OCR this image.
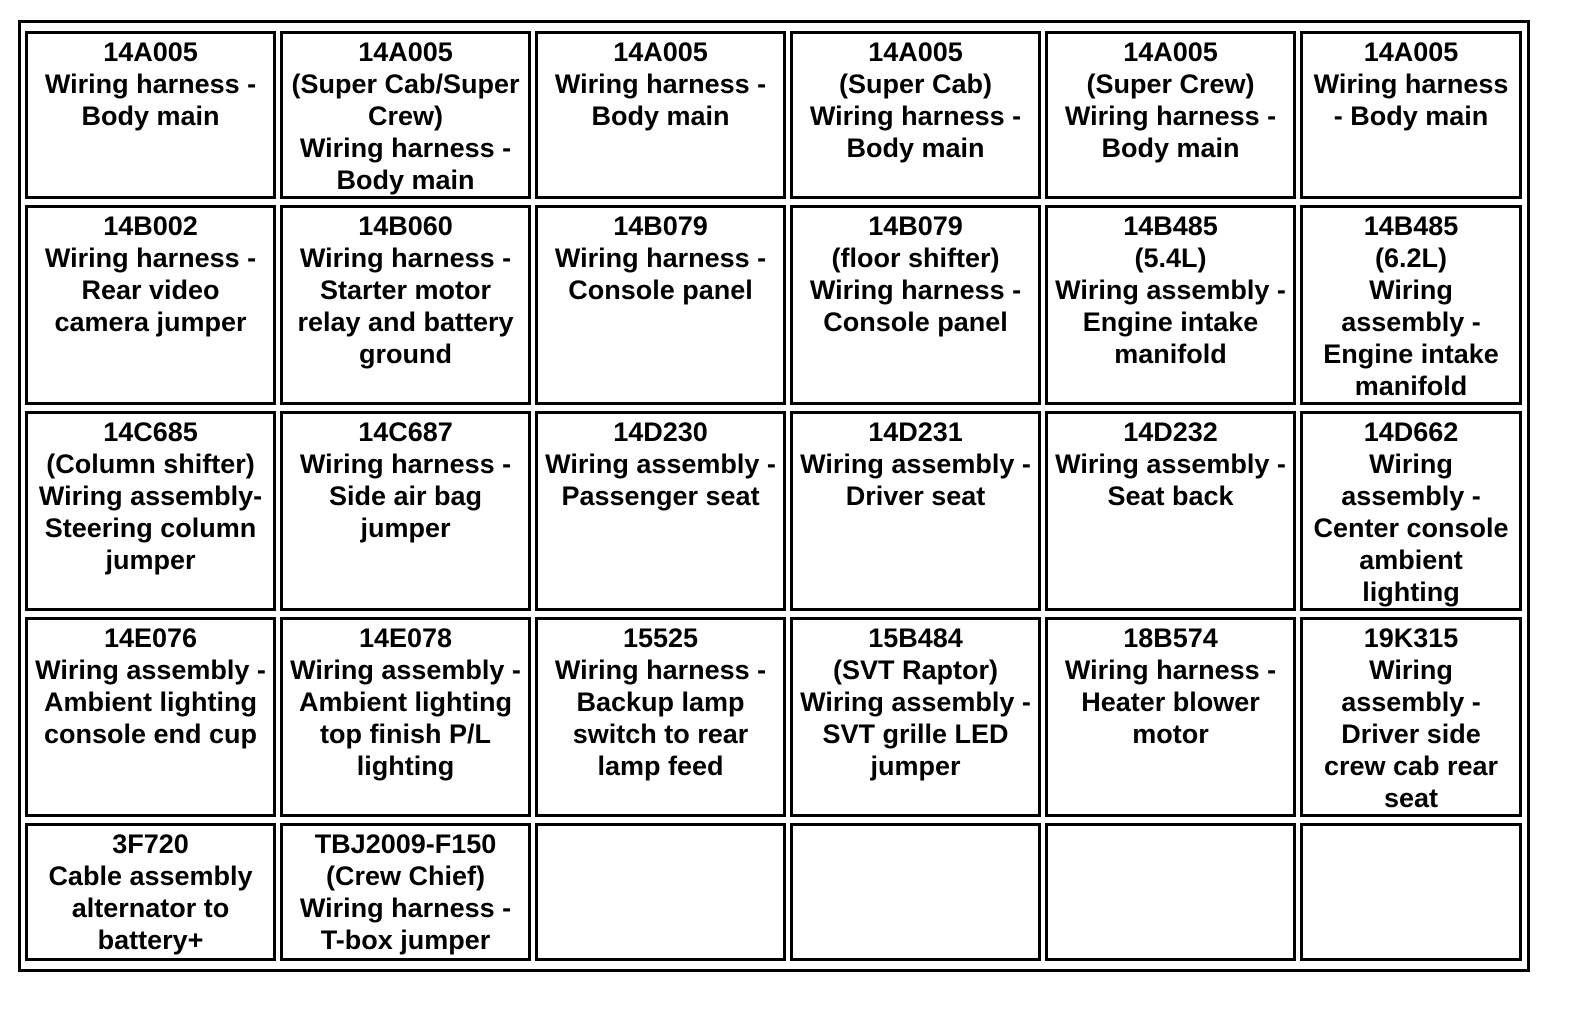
14A005
Wiring harness -
Body main
14A005
(Super Cab/Super
Crew)
Wiring harness -
Body main
14A005
Wiring harness -
Body main
14A005
(Super Cab)
Wiring harness -
Body main
14A005
(Super Crew)
Wiring harness -
Body main
14A005
Wiring harness
- Body main
14B002
Wiring harness -
Rear video
camera jumper
14B060
Wiring harness -
Starter motor
relay and battery
ground
14B079
Wiring harness -
Console panel
14B079
(floor shifter)
Wiring harness -
Console panel
14B485
(5.4L)
Wiring assembly -
Engine intake
manifold
14B485
(6.2L)
Wiring
assembly -
Engine intake
manifold
14C685
(Column shifter)
Wiring assembly-
Steering column
jumper
14C687
Wiring harness -
Side air bag
jumper
14D230
Wiring assembly -
Passenger seat
14D231
Wiring assembly -
Driver seat
14D232
Wiring assembly -
Seat back
14D662
Wiring
assembly -
Center console
ambient
lighting
14E076
Wiring assembly -
Ambient lighting
console end cup
14E078
Wiring assembly -
Ambient lighting
top finish P/L
lighting
15525
Wiring harness -
Backup lamp
switch to rear
lamp feed
15B484
(SVT Raptor)
Wiring assembly -
SVT grille LED
jumper
18B574
Wiring harness -
Heater blower
motor
19K315
Wiring
assembly -
Driver side
crew cab rear
seat
3F720
Cable assembly
alternator to
battery+
TBJ2009-F150
(Crew Chief)
Wiring harness -
T-box jumper
